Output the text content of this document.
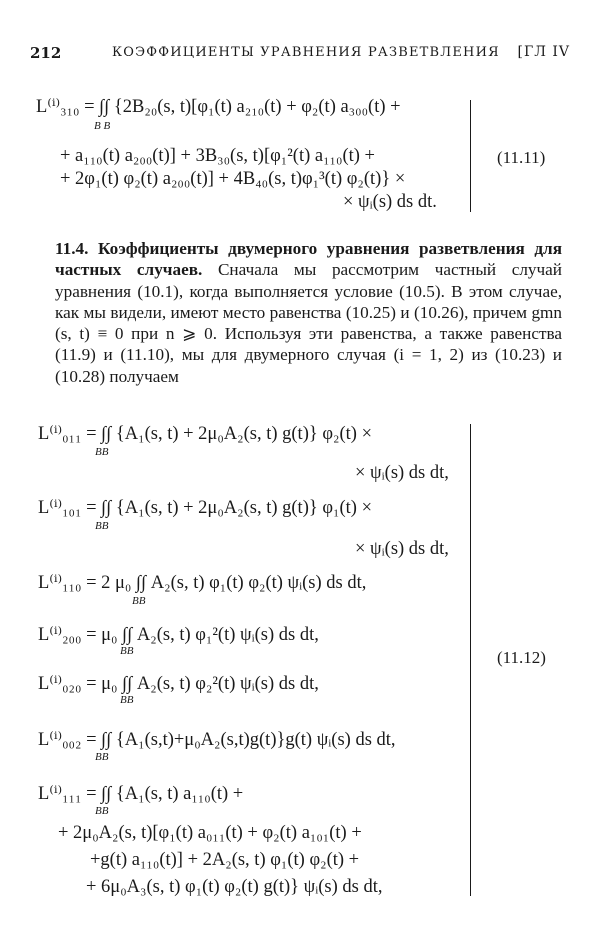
212	КОЭФФИЦИЕНТЫ УРАВНЕНИЯ РАЗВЕТВЛЕНИЯ [ГЛ IV
L⁽ⁱ⁾₃₁₀ = ∫∫ {2B₂₀(s, t)[φ₁(t) a₂₁₀(t) + φ₂(t) a₃₀₀(t) +
B B
+ a₁₁₀(t) a₂₀₀(t)] + 3B₃₀(s, t)[φ₁²(t) a₁₁₀(t) +
+ 2φ₁(t) φ₂(t) a₂₀₀(t)] + 4B₄₀(s, t)φ₁³(t) φ₂(t)} ×
× ψᵢ(s) ds dt.
(11.11)
11.4. Коэффициенты двумерного уравнения разветвления для частных случаев. Сначала мы рассмотрим частный случай уравнения (10.1), когда выполняется условие (10.5). В этом случае, как мы видели, имеют место равенства (10.25) и (10.26), причем gmn (s, t) ≡ 0 при n ⩾ 0. Используя эти равенства, а также равенства (11.9) и (11.10), мы для двумерного случая (i = 1, 2) из (10.23) и (10.28) получаем
L⁽ⁱ⁾₀₁₁ = ∫∫ {A₁(s, t) + 2μ₀A₂(s, t) g(t)} φ₂(t) ×
BB
× ψᵢ(s) ds dt,
L⁽ⁱ⁾₁₀₁ = ∫∫ {A₁(s, t) + 2μ₀A₂(s, t) g(t)} φ₁(t) ×
BB
× ψᵢ(s) ds dt,
L⁽ⁱ⁾₁₁₀ = 2 μ₀ ∫∫ A₂(s, t) φ₁(t) φ₂(t) ψᵢ(s) ds dt,
BB
L⁽ⁱ⁾₂₀₀ = μ₀ ∫∫ A₂(s, t) φ₁²(t) ψᵢ(s) ds dt,
BB
L⁽ⁱ⁾₀₂₀ = μ₀ ∫∫ A₂(s, t) φ₂²(t) ψᵢ(s) ds dt,
BB
L⁽ⁱ⁾₀₀₂ = ∫∫ {A₁(s,t)+μ₀A₂(s,t)g(t)}g(t) ψᵢ(s) ds dt,
BB
L⁽ⁱ⁾₁₁₁ = ∫∫ {A₁(s, t) a₁₁₀(t) +
BB
+ 2μ₀A₂(s, t)[φ₁(t) a₀₁₁(t) + φ₂(t) a₁₀₁(t) +
+g(t) a₁₁₀(t)] + 2A₂(s, t) φ₁(t) φ₂(t) +
+ 6μ₀A₃(s, t) φ₁(t) φ₂(t) g(t)} ψᵢ(s) ds dt,
(11.12)
